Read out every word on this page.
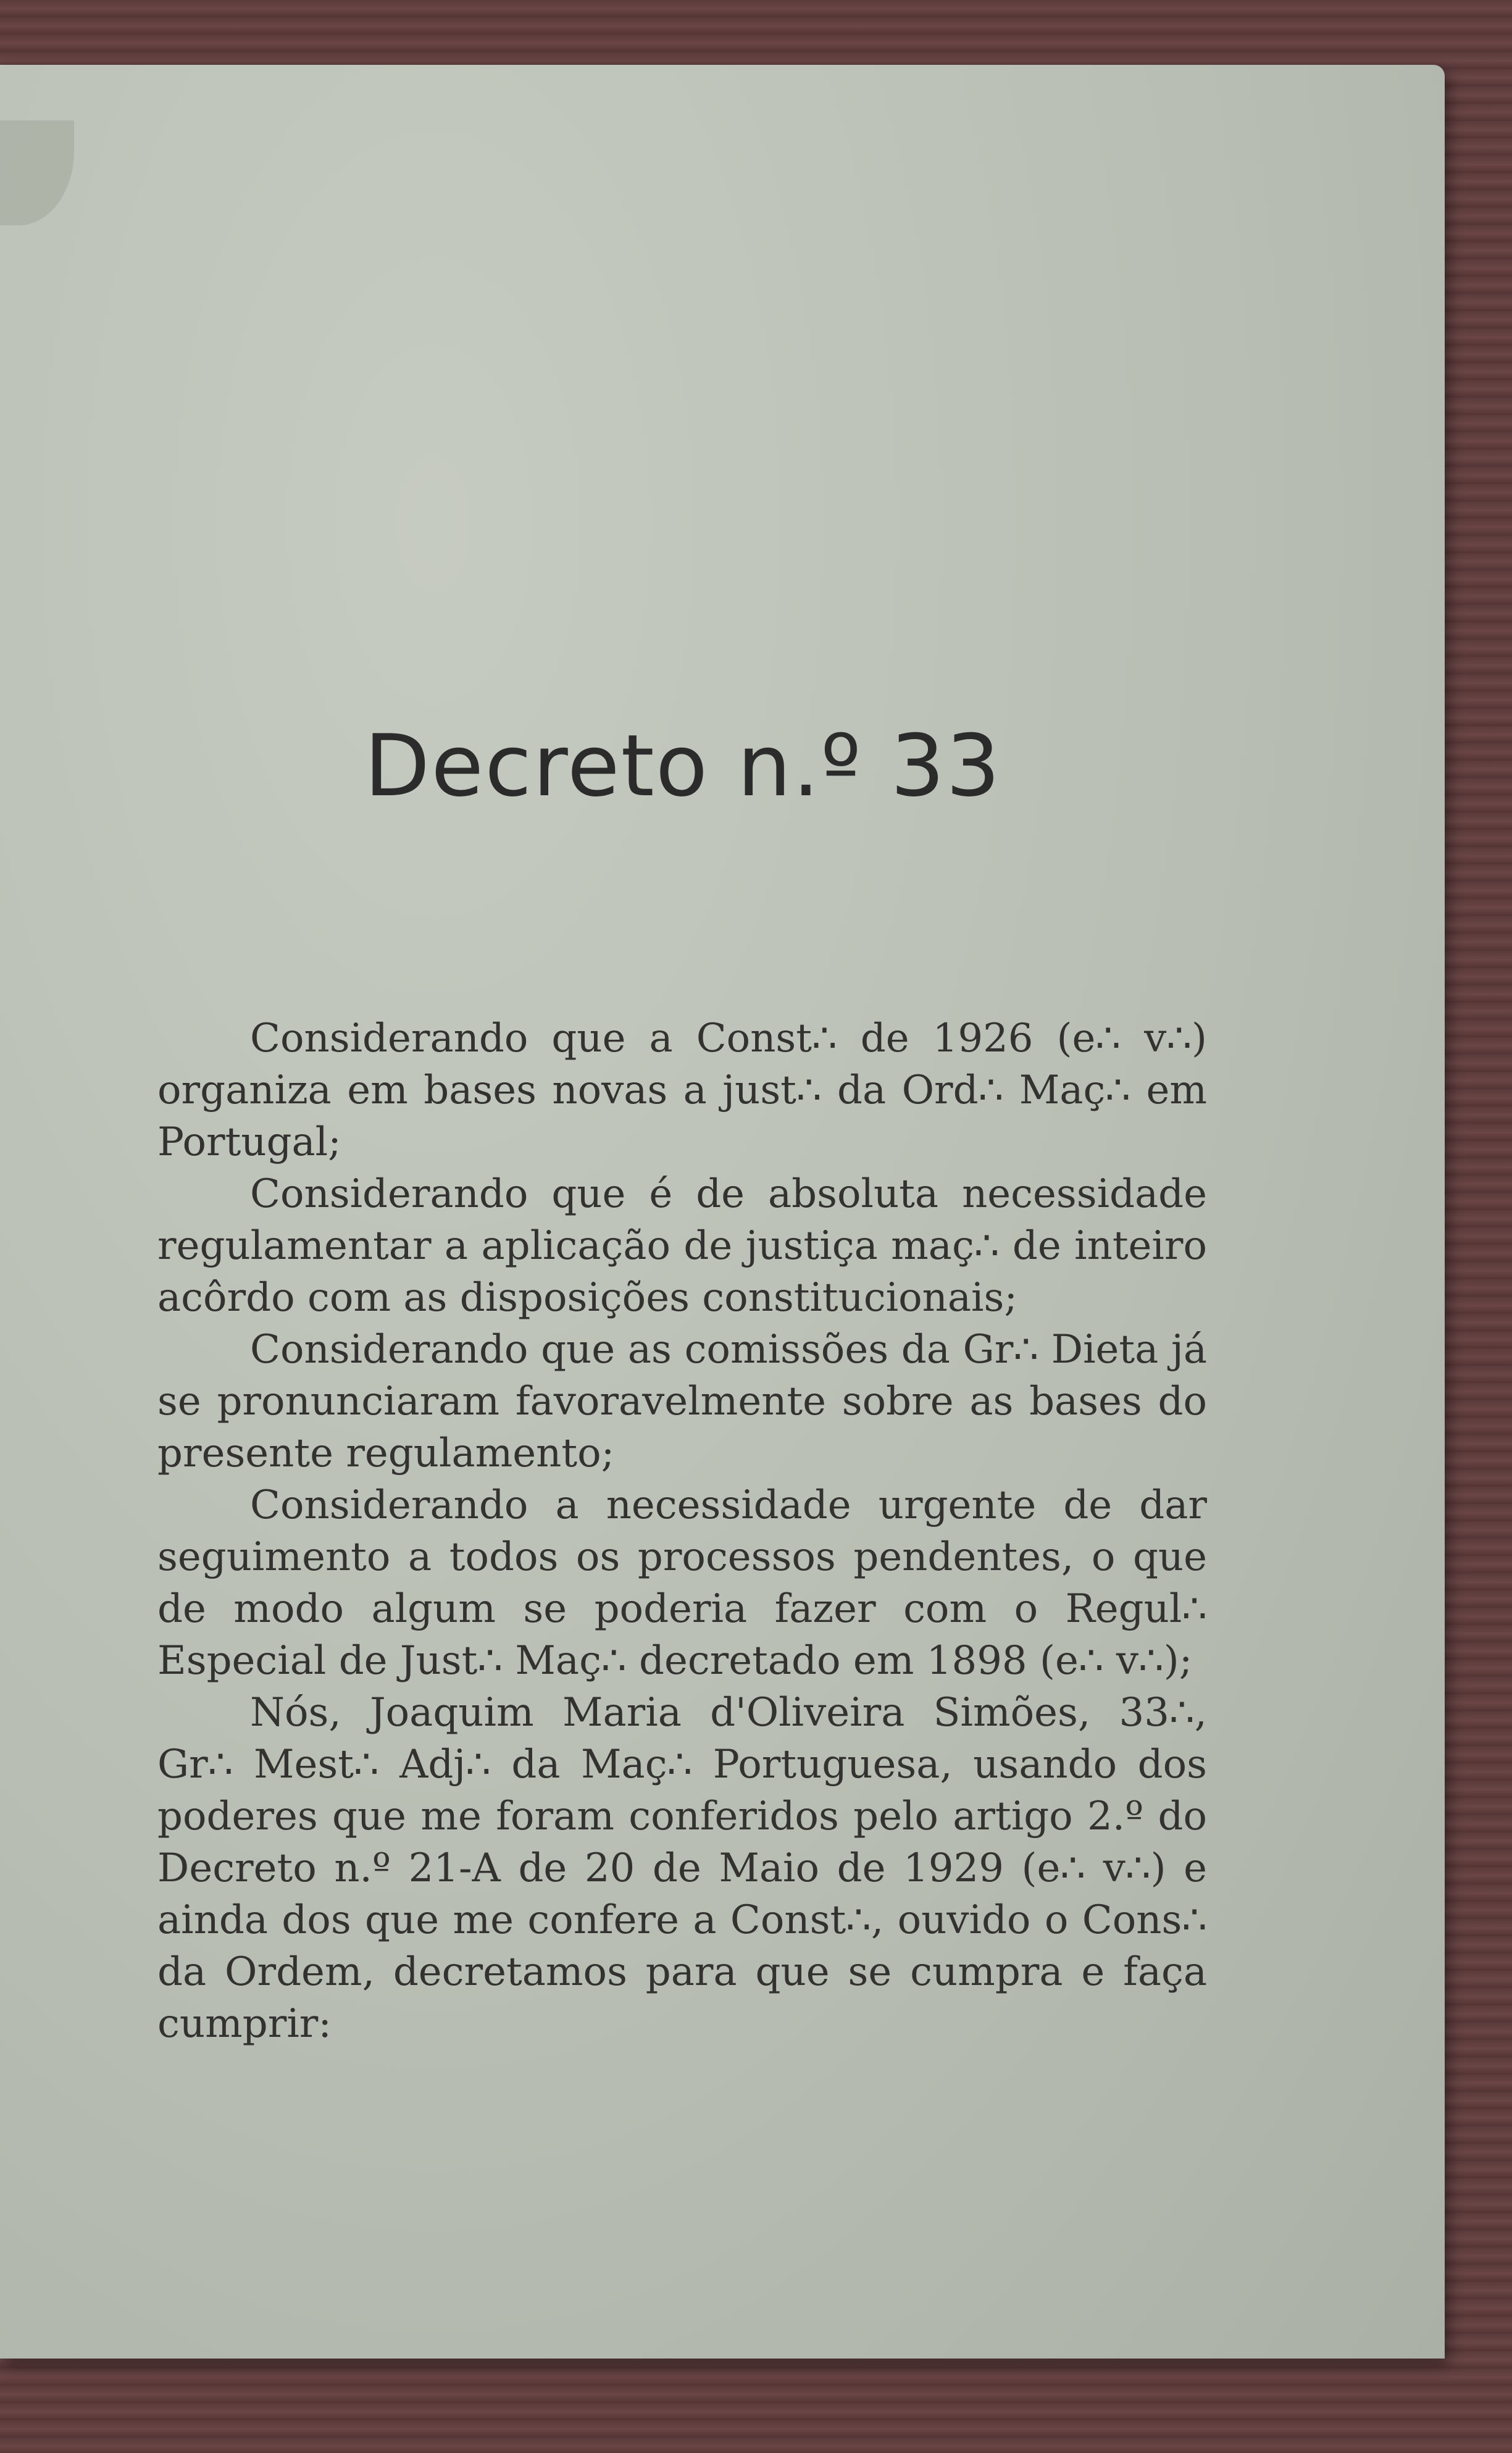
Decreto n.º 33

Considerando que a Const∴ de 1926 (e∴ v∴) organiza em bases novas a just∴ da Ord∴ Maç∴ em Portugal;

Considerando que é de absoluta necessidade regulamentar a aplicação de justiça maç∴ de inteiro acôrdo com as disposições constitucionais;

Considerando que as comissões da Gr∴ Dieta já se pronunciaram favoravelmente sobre as bases do presente regulamento;

Considerando a necessidade urgente de dar seguimento a todos os processos pendentes, o que de modo algum se poderia fazer com o Regul∴ Especial de Just∴ Maç∴ decretado em 1898 (e∴ v∴);

Nós, Joaquim Maria d'Oliveira Simões, 33∴, Gr∴ Mest∴ Adj∴ da Maç∴ Portuguesa, usando dos poderes que me foram conferidos pelo artigo 2.º do Decreto n.º 21-A de 20 de Maio de 1929 (e∴ v∴) e ainda dos que me confere a Const∴, ouvido o Cons∴ da Ordem, decretamos para que se cumpra e faça cumprir:
